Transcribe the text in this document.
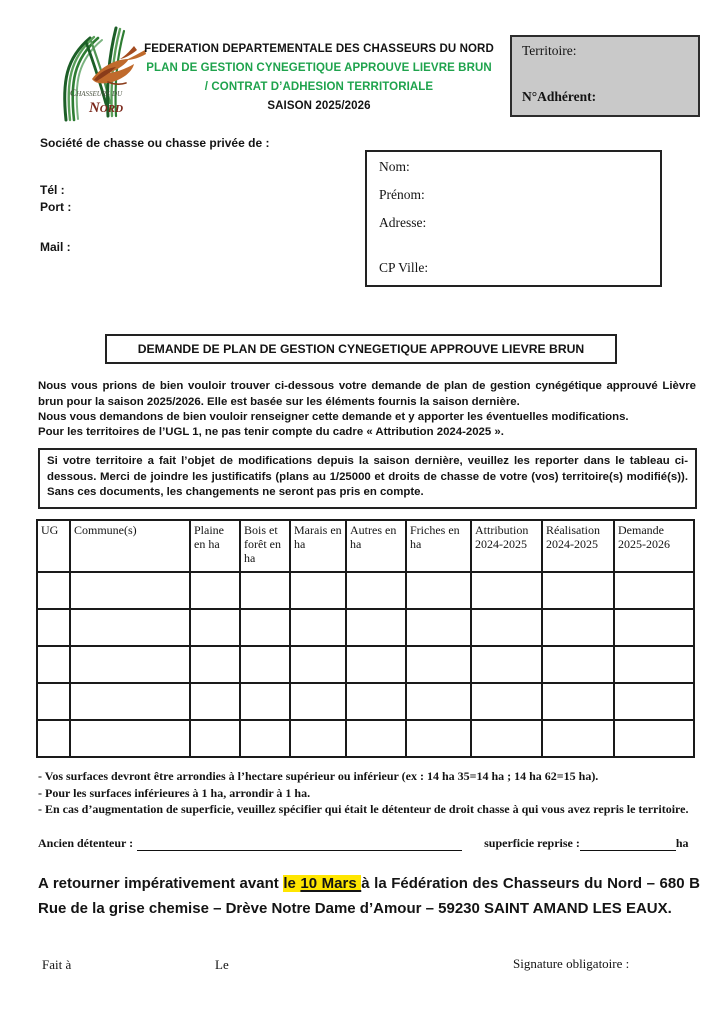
Chasseurs du
Nord
FEDERATION DEPARTEMENTALE DES CHASSEURS DU NORD
PLAN DE GESTION CYNEGETIQUE APPROUVE LIEVRE BRUN
/ CONTRAT D’ADHESION TERRITORIALE
SAISON 2025/2026
Territoire:
N°Adhérent:
Société de chasse ou chasse privée de :
Tél :
Port :
Mail :
Nom:
Prénom:
Adresse:
CP Ville:
DEMANDE DE PLAN DE GESTION CYNEGETIQUE APPROUVE LIEVRE BRUN

Nous vous prions de bien vouloir trouver ci-dessous votre demande de plan de gestion cynégétique approuvé Lièvre brun pour la saison 2025/2026. Elle est basée sur les éléments fournis la saison dernière.

Nous vous demandons de bien vouloir renseigner cette demande et y apporter les éventuelles modifications.

Pour les territoires de l’UGL 1, ne pas tenir compte du cadre « Attribution 2024-2025 ».
Si votre territoire a fait l’objet de modifications depuis la saison dernière, veuillez les reporter dans le tableau ci-dessous. Merci de joindre les justificatifs (plans au 1/25000 et droits de chasse de votre (vos) territoire(s) modifié(s)). Sans ces documents, les changements ne seront pas pris en compte.
UG	Commune(s)	Plaine en ha	Bois et forêt en ha	Marais en ha	Autres en ha	Friches en ha	Attribution 2024-2025	Réalisation 2024-2025	Demande 2025-2026

- Vos surfaces devront être arrondies à l’hectare supérieur ou inférieur (ex : 14 ha 35=14 ha ; 14 ha 62=15 ha).
- Pour les surfaces inférieures à 1 ha, arrondir à 1 ha.
- En cas d’augmentation de superficie, veuillez spécifier qui était le détenteur de droit chasse à qui vous avez repris le territoire.
Ancien détenteur :	superficie reprise :	ha
A retourner impérativement avant le 10 Mars à la Fédération des Chasseurs du Nord – 680 B Rue de la grise chemise – Drève Notre Dame d’Amour – 59230 SAINT AMAND LES EAUX.
Fait à	Le	Signature obligatoire :
